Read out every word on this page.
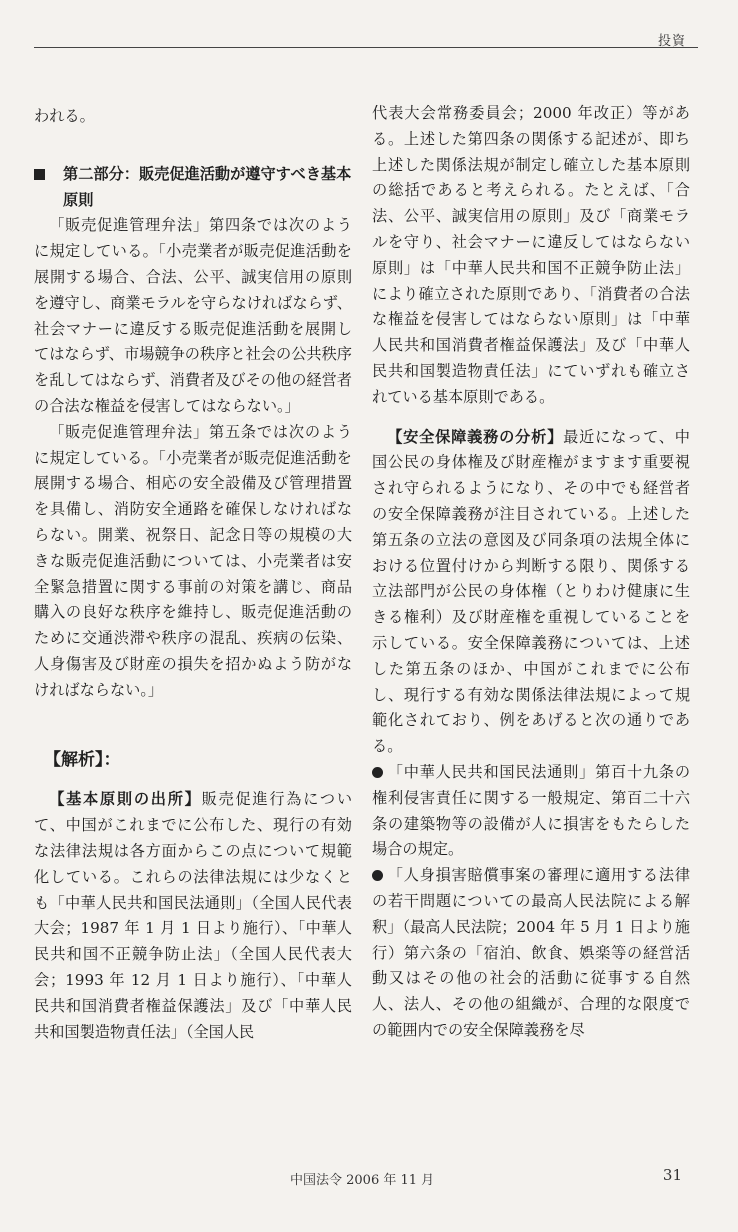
投資

われる。

第二部分：販売促進活動が遵守すべき基本原則

「販売促進管理弁法」第四条では次のように規定している。「小売業者が販売促進活動を展開する場合、合法、公平、誠実信用の原則を遵守し、商業モラルを守らなければならず、社会マナーに違反する販売促進活動を展開してはならず、市場競争の秩序と社会の公共秩序を乱してはならず、消費者及びその他の経営者の合法な権益を侵害してはならない。」

「販売促進管理弁法」第五条では次のように規定している。「小売業者が販売促進活動を展開する場合、相応の安全設備及び管理措置を具備し、消防安全通路を確保しなければならない。開業、祝祭日、記念日等の規模の大きな販売促進活動については、小売業者は安全緊急措置に関する事前の対策を講じ、商品購入の良好な秩序を維持し、販売促進活動のために交通渋滞や秩序の混乱、疾病の伝染、人身傷害及び財産の損失を招かぬよう防がなければならない。」

【解析】：

【基本原則の出所】販売促進行為について、中国がこれまでに公布した、現行の有効な法律法規は各方面からこの点について規範化している。これらの法律法規には少なくとも「中華人民共和国民法通則」（全国人民代表大会；1987 年 1 月 1 日より施行）、「中華人民共和国不正競争防止法」（全国人民代表大会；1993 年 12 月 1 日より施行）、「中華人民共和国消費者権益保護法」及び「中華人民共和国製造物責任法」（全国人民

代表大会常務委員会；2000 年改正）等がある。上述した第四条の関係する記述が、即ち上述した関係法規が制定し確立した基本原則の総括であると考えられる。たとえば、「合法、公平、誠実信用の原則」及び「商業モラルを守り、社会マナーに違反してはならない原則」は「中華人民共和国不正競争防止法」により確立された原則であり、「消費者の合法な権益を侵害してはならない原則」は「中華人民共和国消費者権益保護法」及び「中華人民共和国製造物責任法」にていずれも確立されている基本原則である。

【安全保障義務の分析】最近になって、中国公民の身体権及び財産権がますます重要視され守られるようになり、その中でも経営者の安全保障義務が注目されている。上述した第五条の立法の意図及び同条項の法規全体における位置付けから判断する限り、関係する立法部門が公民の身体権（とりわけ健康に生きる権利）及び財産権を重視していることを示している。安全保障義務については、上述した第五条のほか、中国がこれまでに公布し、現行する有効な関係法律法規によって規範化されており、例をあげると次の通りである。

「中華人民共和国民法通則」第百十九条の権利侵害責任に関する一般規定、第百二十六条の建築物等の設備が人に損害をもたらした場合の規定。

「人身損害賠償事案の審理に適用する法律の若干問題についての最高人民法院による解釈」（最高人民法院；2004 年 5 月 1 日より施行）第六条の「宿泊、飲食、娯楽等の経営活動又はその他の社会的活動に従事する自然人、法人、その他の組織が、合理的な限度での範囲内での安全保障義務を尽

中国法令 2006 年 11 月	31
